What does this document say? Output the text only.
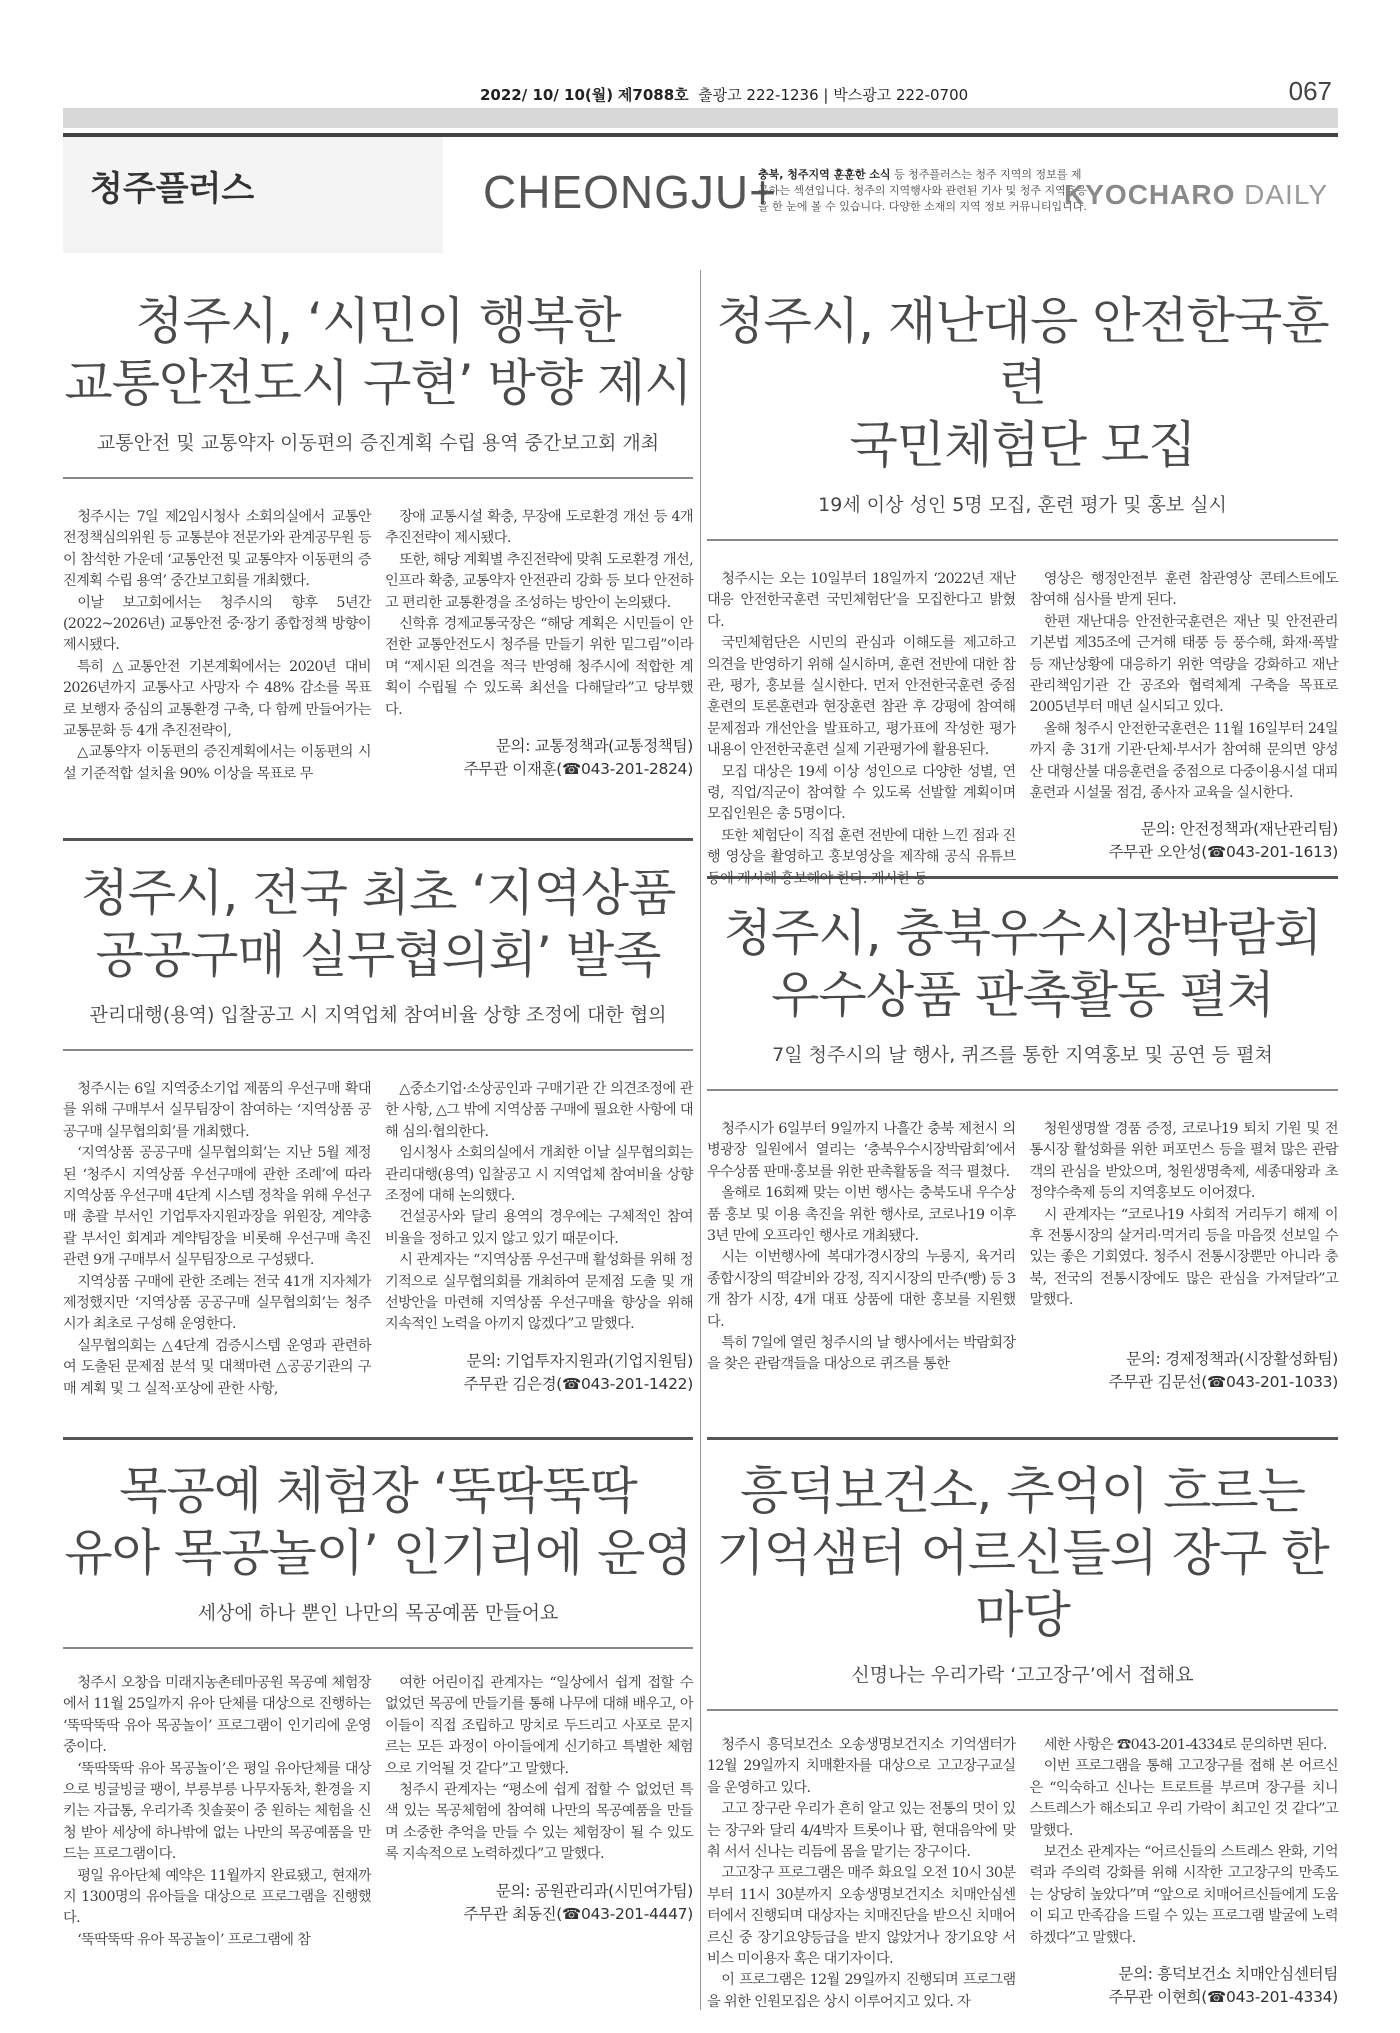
2022/ 10/ 10(월) 제7088호 출광고 222-1236 | 박스광고 222-0700	067
청주플러스	CHEONGJU+
충북, 청주지역 훈훈한 소식 등 청주플러스는 청주 지역의 정보를 제공하는 섹션입니다. 청주의 지역행사와 관련된 기사 및 청주 지역호응을 한 눈에 볼 수 있습니다. 다양한 소재의 지역 정보 커뮤니티입니다.
KYOCHARO DAILY
청주시, ‘시민이 행복한
교통안전도시 구현’ 방향 제시
교통안전 및 교통약자 이동편의 증진계획 수립 용역 중간보고회 개최

청주시는 7일 제2임시청사 소회의실에서 교통안전정책심의위원 등 교통분야 전문가와 관계공무원 등이 참석한 가운데 ‘교통안전 및 교통약자 이동편의 증진계획 수립 용역’ 중간보고회를 개최했다.

이날 보고회에서는 청주시의 향후 5년간(2022~2026년) 교통안전 중·장기 종합정책 방향이 제시됐다.

특히 △교통안전 기본계획에서는 2020년 대비 2026년까지 교통사고 사망자 수 48% 감소를 목표로 보행자 중심의 교통환경 구축, 다 함께 만들어가는 교통문화 등 4개 추진전략이,

△교통약자 이동편의 증진계획에서는 이동편의 시설 기준적합 설치율 90% 이상을 목표로 무

장애 교통시설 확충, 무장애 도로환경 개선 등 4개 추진전략이 제시됐다.

또한, 해당 계획별 추진전략에 맞춰 도로환경 개선, 인프라 확충, 교통약자 안전관리 강화 등 보다 안전하고 편리한 교통환경을 조성하는 방안이 논의됐다.

신학휴 경제교통국장은 “해당 계획은 시민들이 안전한 교통안전도시 청주를 만들기 위한 밑그림”이라며 “제시된 의견을 적극 반영해 청주시에 적합한 계획이 수립될 수 있도록 최선을 다해달라”고 당부했다.

문의: 교통정책과(교통정책팀)
주무관 이재훈(☎043-201-2824)
청주시, 재난대응 안전한국훈련
국민체험단 모집
19세 이상 성인 5명 모집, 훈련 평가 및 홍보 실시

청주시는 오는 10일부터 18일까지 ‘2022년 재난대응 안전한국훈련 국민체험단’을 모집한다고 밝혔다.

국민체험단은 시민의 관심과 이해도를 제고하고 의견을 반영하기 위해 실시하며, 훈련 전반에 대한 참관, 평가, 홍보를 실시한다. 먼저 안전한국훈련 중점훈련의 토론훈련과 현장훈련 참관 후 강평에 참여해 문제점과 개선안을 발표하고, 평가표에 작성한 평가내용이 안전한국훈련 실제 기관평가에 활용된다.

모집 대상은 19세 이상 성인으로 다양한 성별, 연령, 직업/직군이 참여할 수 있도록 선발할 계획이며 모집인원은 총 5명이다.

또한 체험단이 직접 훈련 전반에 대한 느낀 점과 진행 영상을 촬영하고 홍보영상을 제작해 공식 유튜브 등에 게시해 홍보해야 한다. 게시한 동

영상은 행정안전부 훈련 참관영상 콘테스트에도 참여해 심사를 받게 된다.

한편 재난대응 안전한국훈련은 재난 및 안전관리 기본법 제35조에 근거해 태풍 등 풍수해, 화재·폭발 등 재난상황에 대응하기 위한 역량을 강화하고 재난관리책임기관 간 공조와 협력체계 구축을 목표로 2005년부터 매년 실시되고 있다.

올해 청주시 안전한국훈련은 11월 16일부터 24일까지 총 31개 기관·단체·부서가 참여해 문의면 양성산 대형산불 대응훈련을 중점으로 다중이용시설 대피훈련과 시설물 점검, 종사자 교육을 실시한다.

문의: 안전정책과(재난관리팀)
주무관 오안성(☎043-201-1613)
청주시, 전국 최초 ‘지역상품
공공구매 실무협의회’ 발족
관리대행(용역) 입찰공고 시 지역업체 참여비율 상향 조정에 대한 협의

청주시는 6일 지역중소기업 제품의 우선구매 확대를 위해 구매부서 실무팀장이 참여하는 ‘지역상품 공공구매 실무협의회’를 개최했다.

‘지역상품 공공구매 실무협의회’는 지난 5월 제정된 ‘청주시 지역상품 우선구매에 관한 조례’에 따라 지역상품 우선구매 4단계 시스템 정착을 위해 우선구매 총괄 부서인 기업투자지원과장을 위원장, 계약총괄 부서인 회계과 계약팀장을 비롯해 우선구매 촉진 관련 9개 구매부서 실무팀장으로 구성됐다.

지역상품 구매에 관한 조례는 전국 41개 지자체가 제정했지만 ‘지역상품 공공구매 실무협의회’는 청주시가 최초로 구성해 운영한다.

실무협의회는 △4단계 검증시스템 운영과 관련하여 도출된 문제점 분석 및 대책마련 △공공기관의 구매 계획 및 그 실적·포상에 관한 사항,

△중소기업·소상공인과 구매기관 간 의견조정에 관한 사항, △그 밖에 지역상품 구매에 필요한 사항에 대해 심의·협의한다.

임시청사 소회의실에서 개최한 이날 실무협의회는 관리대행(용역) 입찰공고 시 지역업체 참여비율 상향조정에 대해 논의했다.

건설공사와 달리 용역의 경우에는 구체적인 참여비율을 정하고 있지 않고 있기 때문이다.

시 관계자는 “지역상품 우선구매 활성화를 위해 정기적으로 실무협의회를 개최하여 문제점 도출 및 개선방안을 마련해 지역상품 우선구매율 향상을 위해 지속적인 노력을 아끼지 않겠다”고 말했다.

문의: 기업투자지원과(기업지원팀)
주무관 김은경(☎043-201-1422)
청주시, 충북우수시장박람회
우수상품 판촉활동 펼쳐
7일 청주시의 날 행사, 퀴즈를 통한 지역홍보 및 공연 등 펼쳐

청주시가 6일부터 9일까지 나흘간 충북 제천시 의병광장 일원에서 열리는 ‘충북우수시장박람회’에서 우수상품 판매·홍보를 위한 판촉활동을 적극 펼쳤다.

올해로 16회째 맞는 이번 행사는 충북도내 우수상품 홍보 및 이용 촉진을 위한 행사로, 코로나19 이후 3년 만에 오프라인 행사로 개최됐다.

시는 이번행사에 복대가경시장의 누룽지, 육거리종합시장의 떡갈비와 강정, 직지시장의 만주(빵) 등 3개 참가 시장, 4개 대표 상품에 대한 홍보를 지원했다.

특히 7일에 열린 청주시의 날 행사에서는 박람회장을 찾은 관람객들을 대상으로 퀴즈를 통한

청원생명쌀 경품 증정, 코로나19 퇴치 기원 및 전통시장 활성화를 위한 퍼포먼스 등을 펼쳐 많은 관람객의 관심을 받았으며, 청원생명축제, 세종대왕과 초정약수축제 등의 지역홍보도 이어졌다.

시 관계자는 “코로나19 사회적 거리두기 해제 이후 전통시장의 살거리·먹거리 등을 마음껏 선보일 수 있는 좋은 기회였다. 청주시 전통시장뿐만 아니라 충북, 전국의 전통시장에도 많은 관심을 가져달라”고 말했다.

문의: 경제정책과(시장활성화팀)
주무관 김문선(☎043-201-1033)
목공예 체험장 ‘뚝딱뚝딱
유아 목공놀이’ 인기리에 운영
세상에 하나 뿐인 나만의 목공예품 만들어요

청주시 오창읍 미래지농촌테마공원 목공예 체험장에서 11월 25일까지 유아 단체를 대상으로 진행하는 ‘뚝딱뚝딱 유아 목공놀이’ 프로그램이 인기리에 운영 중이다.

‘뚝딱뚝딱 유아 목공놀이’은 평일 유아단체를 대상으로 빙글빙글 팽이, 부릉부릉 나무자동차, 환경을 지키는 자급통, 우리가족 칫솔꽂이 중 원하는 체험을 신청 받아 세상에 하나밖에 없는 나만의 목공예품을 만드는 프로그램이다.

평일 유아단체 예약은 11월까지 완료됐고, 현재까지 1300명의 유아들을 대상으로 프로그램을 진행했다.

‘뚝딱뚝딱 유아 목공놀이’ 프로그램에 참

여한 어린이집 관계자는 “일상에서 쉽게 접할 수 없었던 목공에 만들기를 통해 나무에 대해 배우고, 아이들이 직접 조립하고 망치로 두드리고 사포로 문지르는 모든 과정이 아이들에게 신기하고 특별한 체험으로 기억될 것 같다”고 말했다.

청주시 관계자는 “평소에 쉽게 접할 수 없었던 특색 있는 목공체험에 참여해 나만의 목공예품을 만들며 소중한 추억을 만들 수 있는 체험장이 될 수 있도록 지속적으로 노력하겠다”고 말했다.

문의: 공원관리과(시민여가팀)
주무관 최동진(☎043-201-4447)
흥덕보건소, 추억이 흐르는
기억샘터 어르신들의 장구 한마당
신명나는 우리가락 ‘고고장구’에서 접해요

청주시 흥덕보건소 오송생명보건지소 기억샘터가 12월 29일까지 치매환자를 대상으로 고고장구교실을 운영하고 있다.

고고 장구란 우리가 흔히 알고 있는 전통의 멋이 있는 장구와 달리 4/4박자 트롯이나 팝, 현대음악에 맞춰 서서 신나는 리듬에 몸을 맡기는 장구이다.

고고장구 프로그램은 매주 화요일 오전 10시 30분부터 11시 30분까지 오송생명보건지소 치매안심센터에서 진행되며 대상자는 치매진단을 받으신 치매어르신 중 장기요양등급을 받지 않았거나 장기요양 서비스 미이용자 혹은 대기자이다.

이 프로그램은 12월 29일까지 진행되며 프로그램을 위한 인원모집은 상시 이루어지고 있다. 자

세한 사항은 ☎043-201-4334로 문의하면 된다.

이번 프로그램을 통해 고고장구를 접해 본 어르신은 “익숙하고 신나는 트로트를 부르며 장구를 치니 스트레스가 해소되고 우리 가락이 최고인 것 같다”고 말했다.

보건소 관계자는 “어르신들의 스트레스 완화, 기억력과 주의력 강화를 위해 시작한 고고장구의 만족도는 상당히 높았다”며 “앞으로 치매어르신들에게 도움이 되고 만족감을 드릴 수 있는 프로그램 발굴에 노력하겠다”고 말했다.

문의: 흥덕보건소 치매안심센터팀
주무관 이현희(☎043-201-4334)
